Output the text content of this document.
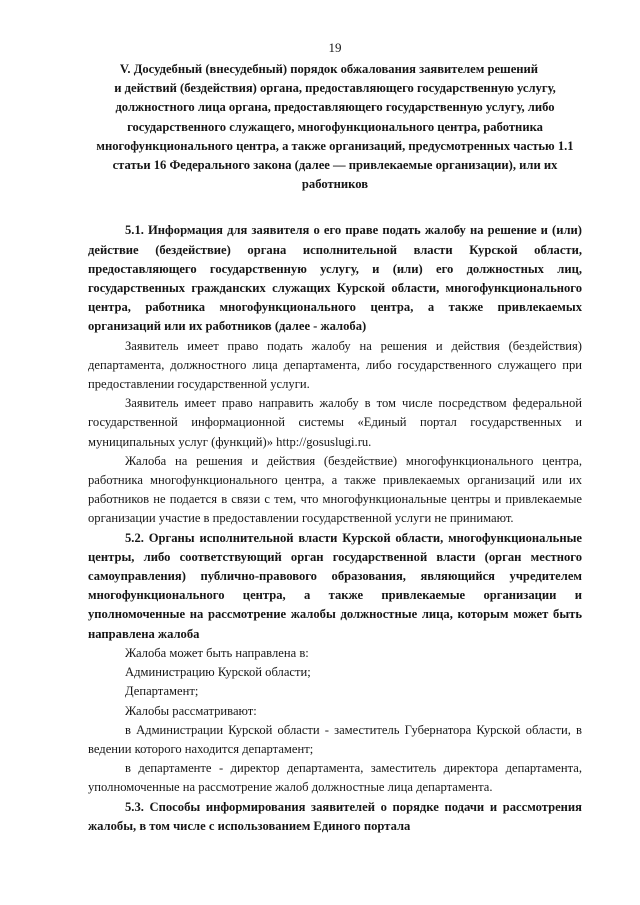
19
V. Досудебный (внесудебный) порядок обжалования заявителем решений
и действий (бездействия) органа, предоставляющего государственную услугу, должностного лица органа, предоставляющего государственную услугу, либо государственного служащего, многофункционального центра, работника многофункционального центра, а также организаций, предусмотренных частью 1.1 статьи 16 Федерального закона (далее — привлекаемые организации), или их работников

5.1. Информация для заявителя о его праве подать жалобу на решение и (или) действие (бездействие) органа исполнительной власти Курской области, предоставляющего государственную услугу, и (или) его должностных лиц, государственных гражданских служащих Курской области, многофункционального центра, работника многофункционального центра, а также привлекаемых организаций или их работников (далее - жалоба)

Заявитель имеет право подать жалобу на решения и действия (бездействия) департамента, должностного лица департамента, либо государственного служащего при предоставлении государственной услуги.

Заявитель имеет право направить жалобу в том числе посредством федеральной государственной информационной системы «Единый портал государственных и муниципальных услуг (функций)» http://gosuslugi.ru.

Жалоба на решения и действия (бездействие) многофункционального центра, работника многофункционального центра, а также привлекаемых организаций или их работников не подается в связи с тем, что многофункциональные центры и привлекаемые организации участие в предоставлении государственной услуги не принимают.

5.2. Органы исполнительной власти Курской области, многофункциональные центры, либо соответствующий орган государственной власти (орган местного самоуправления) публично-правового образования, являющийся учредителем многофункционального центра, а также привлекаемые организации и уполномоченные на рассмотрение жалобы должностные лица, которым может быть направлена жалоба

Жалоба может быть направлена в:

Администрацию Курской области;

Департамент;

Жалобы рассматривают:

в Администрации Курской области - заместитель Губернатора Курской области, в ведении которого находится департамент;

в департаменте - директор департамента, заместитель директора департамента, уполномоченные на рассмотрение жалоб должностные лица департамента.

5.3. Способы информирования заявителей о порядке подачи и рассмотрения жалобы, в том числе с использованием Единого портала
